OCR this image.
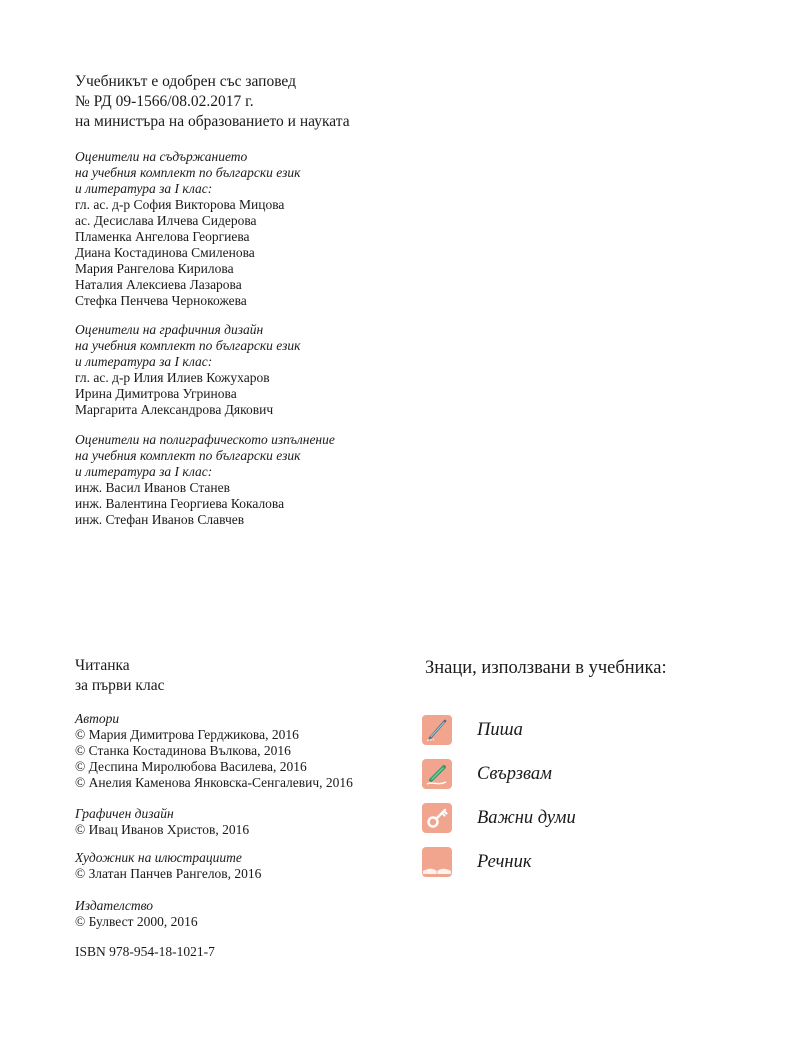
Учебникът е одобрен със заповед
№ РД 09-1566/08.02.2017 г.
на министъра на образованието и науката
Оценители на съдържанието
на учебния комплект по български език
и литература за I клас:
гл. ас. д-р София Викторова Мицова
ас. Десислава Илчева Сидерова
Пламенка Ангелова Георгиева
Диана Костадинова Смиленова
Мария Рангелова Кирилова
Наталия Алексиева Лазарова
Стефка Пенчева Чернокожева
Оценители на графичния дизайн
на учебния комплект по български език
и литература за I клас:
гл. ас. д-р Илия Илиев Кожухаров
Ирина Димитрова Угринова
Маргарита Александрова Дякович
Оценители на полиграфическото изпълнение
на учебния комплект по български език
и литература за I клас:
инж. Васил Иванов Станев
инж. Валентина Георгиева Кокалова
инж. Стефан Иванов Славчев
Читанка
за първи клас
Автори
© Мария Димитрова Герджикова, 2016
© Станка Костадинова Вълкова, 2016
© Деспина Миролюбова Василева, 2016
© Анелия Каменова Янковска-Сенгалевич, 2016
Графичен дизайн
© Ивац Иванов Христов, 2016
Художник на илюстрациите
© Златан Панчев Рангелов, 2016
Издателство
© Булвест 2000, 2016
ISBN 978-954-18-1021-7
Знаци, използвани в учебника:
Пиша
Свързвам
Важни думи
Речник
